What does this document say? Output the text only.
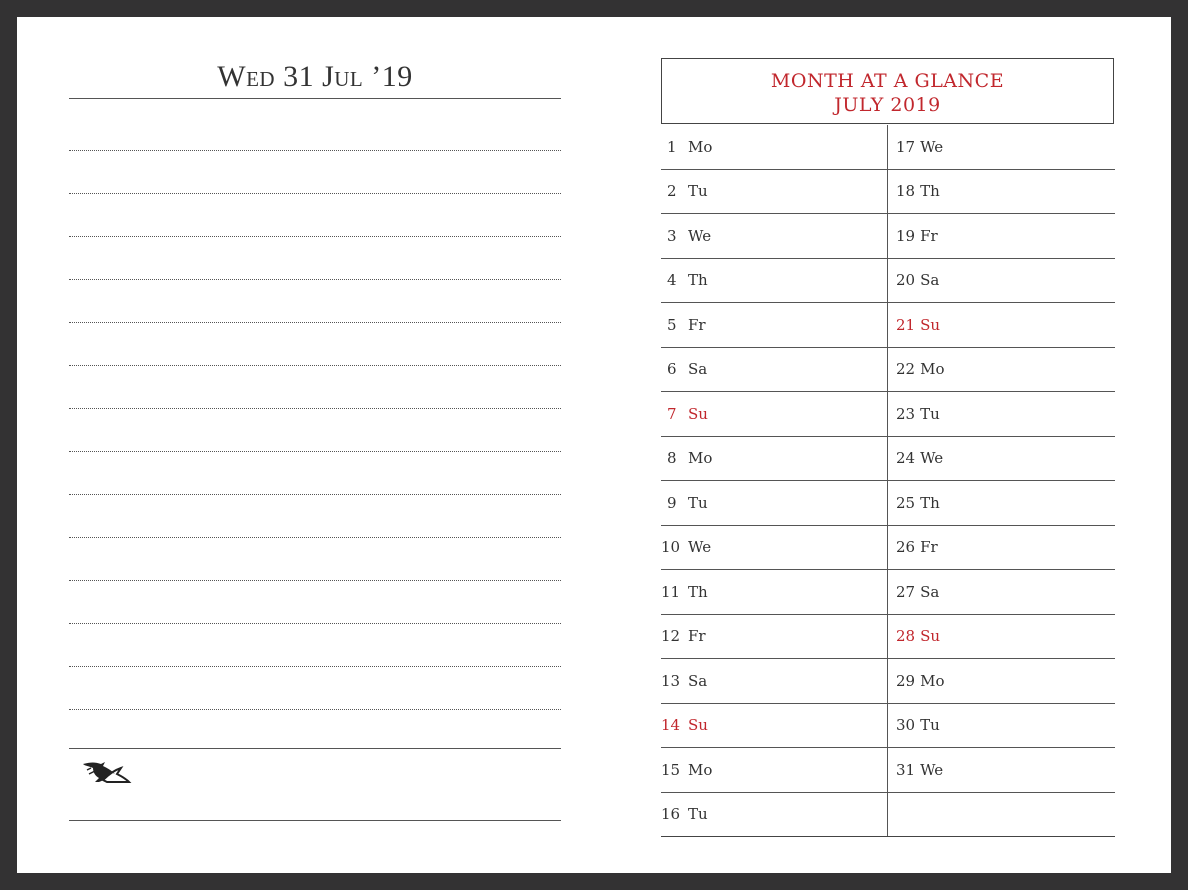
Wed 31 Jul ’19	MONTH AT A GLANCE
JULY 2019
1 Mo	17 We
2 Tu	18 Th
3 We	19 Fr
4 Th	20 Sa
5 Fr	21 Su
6 Sa	22 Mo
7 Su	23 Tu
8 Mo	24 We
9 Tu	25 Th
10 We	26 Fr
11 Th	27 Sa
12 Fr	28 Su
13 Sa	29 Mo
14 Su	30 Tu
15 Mo	31 We
16 Tu
